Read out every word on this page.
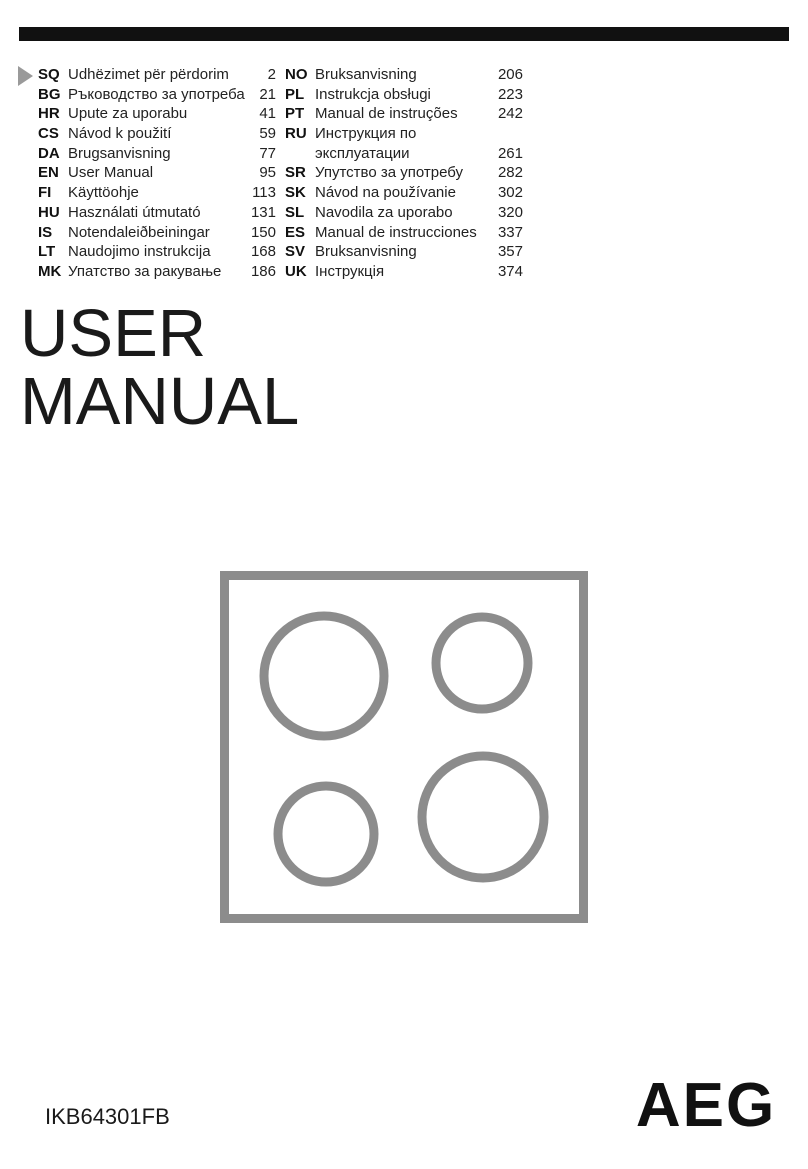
SQ Udhëzimet për përdorim	2
BG Ръководство за употреба 21
HR Upute za uporabu	41
CS Návod k použití	59
DA Brugsanvisning	77
EN User Manual	95
FI Käyttöohje	113
HU Használati útmutató	131
IS Notendaleiðbeiningar	150
LT Naudojimo instrukcija	168
MK Упатство за ракување 186
NO Bruksanvisning	206
PL Instrukcja obsługi	223
PT Manual de instruções	242
RU Инструкция по
эксплуатации	261
SR Упутство за употребу 282
SK Návod na používanie	302
SL Navodila za uporabo	320
ES Manual de instrucciones 337
SV Bruksanvisning	357
UK Інструкція	374
USER
MANUAL
IKB64301FB	AEG
